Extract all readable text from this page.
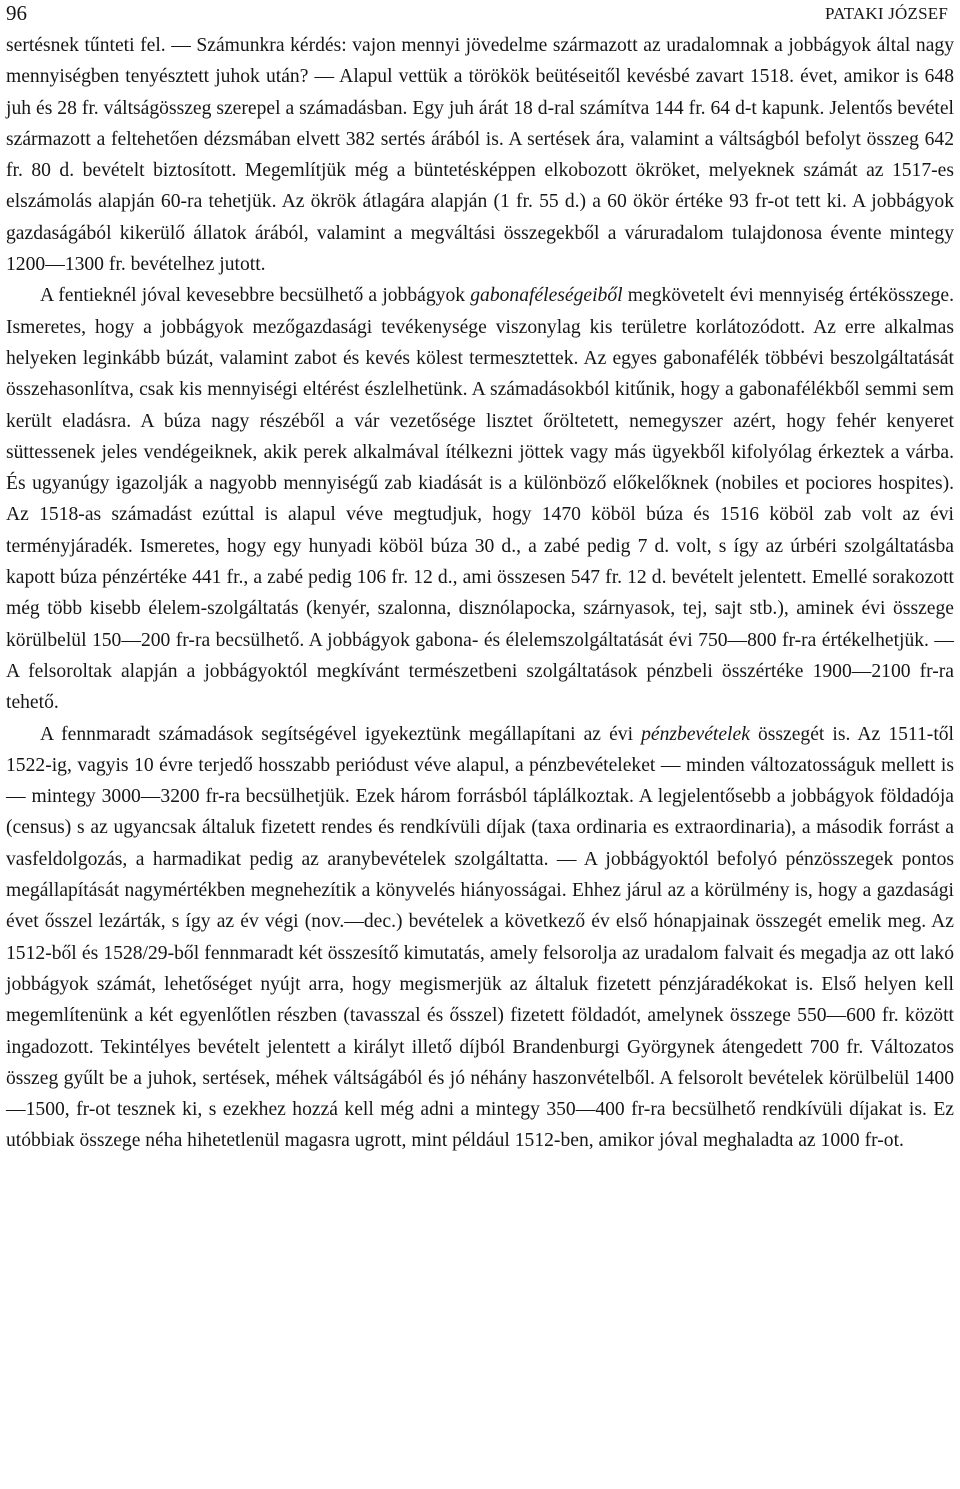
96	PATAKI JÓZSEF

sertésnek tűnteti fel. — Számunkra kérdés: vajon mennyi jövedelme származott az uradalomnak a jobbágyok által nagy mennyiségben tenyésztett juhok után? — Alapul vettük a törökök beütéseitől kevésbé zavart 1518. évet, amikor is 648 juh és 28 fr. váltságösszeg szerepel a számadásban. Egy juh árát 18 d-ral számítva 144 fr. 64 d-t kapunk. Jelentős bevétel származott a feltehetően dézsmában elvett 382 sertés árából is. A sertések ára, valamint a váltságból befolyt összeg 642 fr. 80 d. bevételt biztosított. Megemlítjük még a büntetésképpen elkobozott ökröket, melyeknek számát az 1517-es elszámolás alapján 60-ra tehetjük. Az ökrök átlagára alapján (1 fr. 55 d.) a 60 ökör értéke 93 fr-ot tett ki. A jobbágyok gazdaságából kikerülő állatok árából, valamint a megváltási összegekből a váruradalom tulajdonosa évente mintegy 1200—1300 fr. bevételhez jutott.

A fentieknél jóval kevesebbre becsülhető a jobbágyok gabonaféleségeiből megkövetelt évi mennyiség értékösszege. Ismeretes, hogy a jobbágyok mezőgazdasági tevékenysége viszonylag kis területre korlátozódott. Az erre alkalmas helyeken leginkább búzát, valamint zabot és kevés kölest termesztettek. Az egyes gabonafélék többévi beszolgáltatását összehasonlítva, csak kis mennyiségi eltérést észlelhetünk. A számadásokból kitűnik, hogy a gabonafélékből semmi sem került eladásra. A búza nagy részéből a vár vezetősége lisztet őröltetett, nemegyszer azért, hogy fehér kenyeret süttessenek jeles vendégeiknek, akik perek alkalmával ítélkezni jöttek vagy más ügyekből kifolyólag érkeztek a várba. És ugyanúgy igazolják a nagyobb mennyiségű zab kiadását is a különböző előkelőknek (nobiles et pociores hospites). Az 1518-as számadást ezúttal is alapul véve megtudjuk, hogy 1470 köböl búza és 1516 köböl zab volt az évi terményjáradék. Ismeretes, hogy egy hunyadi köböl búza 30 d., a zabé pedig 7 d. volt, s így az úrbéri szolgáltatásba kapott búza pénzértéke 441 fr., a zabé pedig 106 fr. 12 d., ami összesen 547 fr. 12 d. bevételt jelentett. Emellé sorakozott még több kisebb élelem-szolgáltatás (kenyér, szalonna, disznólapocka, szárnyasok, tej, sajt stb.), aminek évi összege körülbelül 150—200 fr-ra becsülhető. A jobbágyok gabona- és élelemszolgáltatását évi 750—800 fr-ra értékelhetjük. — A felsoroltak alapján a jobbágyoktól megkívánt természetbeni szolgáltatások pénzbeli összértéke 1900—2100 fr-ra tehető.

A fennmaradt számadások segítségével igyekeztünk megállapítani az évi pénzbevételek összegét is. Az 1511-től 1522-ig, vagyis 10 évre terjedő hosszabb periódust véve alapul, a pénzbevételeket — minden változatosságuk mellett is — mintegy 3000—3200 fr-ra becsülhetjük. Ezek három forrásból táplálkoztak. A legjelentősebb a jobbágyok földadója (census) s az ugyancsak általuk fizetett rendes és rendkívüli díjak (taxa ordinaria es extraordinaria), a második forrást a vasfeldolgozás, a harmadikat pedig az aranybevételek szolgáltatta. — A jobbágyoktól befolyó pénzösszegek pontos megállapítását nagymértékben megnehezítik a könyvelés hiányosságai. Ehhez járul az a körülmény is, hogy a gazdasági évet ősszel lezárták, s így az év végi (nov.—dec.) bevételek a következő év első hónapjainak összegét emelik meg. Az 1512-ből és 1528/29-ből fennmaradt két összesítő kimutatás, amely felsorolja az uradalom falvait és megadja az ott lakó jobbágyok számát, lehetőséget nyújt arra, hogy megismerjük az általuk fizetett pénzjáradékokat is. Első helyen kell megemlítenünk a két egyenlőtlen részben (tavasszal és ősszel) fizetett földadót, amelynek összege 550—600 fr. között ingadozott. Tekintélyes bevételt jelentett a királyt illető díjból Brandenburgi Györgynek átengedett 700 fr. Változatos összeg gyűlt be a juhok, sertések, méhek váltságából és jó néhány haszonvételből. A felsorolt bevételek körülbelül 1400—1500, fr-ot tesznek ki, s ezekhez hozzá kell még adni a mintegy 350—400 fr-ra becsülhető rendkívüli díjakat is. Ez utóbbiak összege néha hihetetlenül magasra ugrott, mint például 1512-ben, amikor jóval meghaladta az 1000 fr-ot.
